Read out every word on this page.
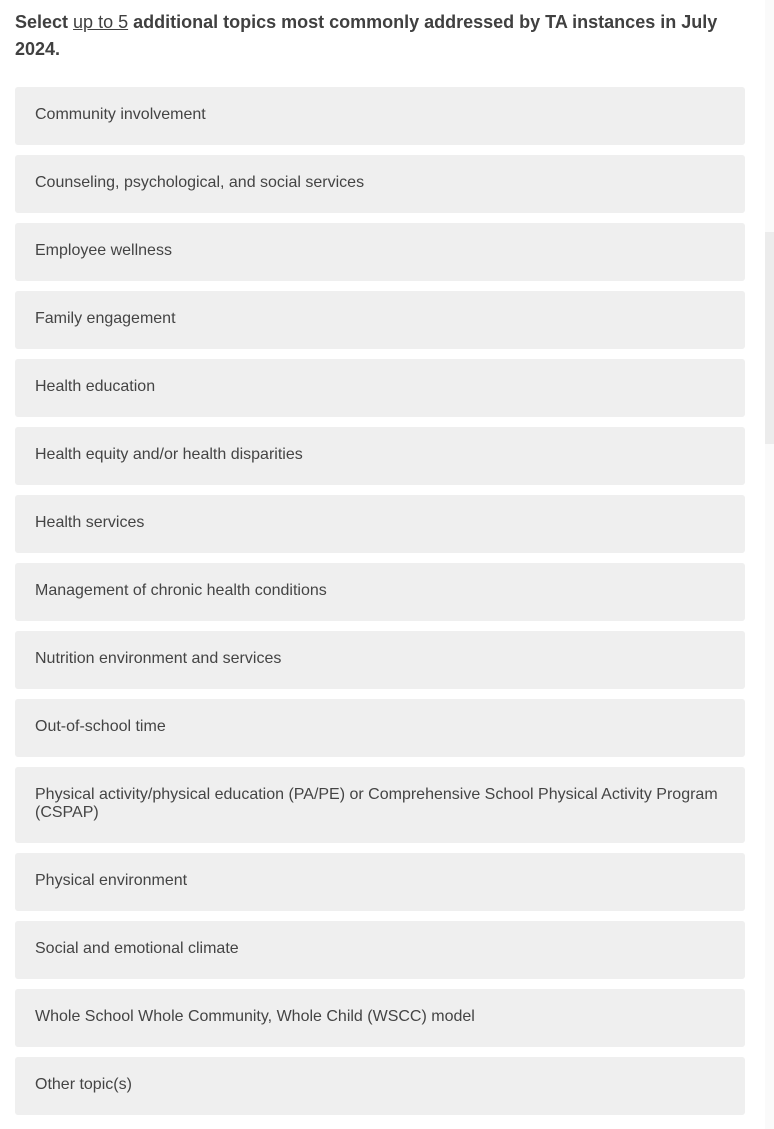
Select up to 5 additional topics most commonly addressed by TA instances in July 2024.

Community involvement
Counseling, psychological, and social services
Employee wellness
Family engagement
Health education
Health equity and/or health disparities
Health services
Management of chronic health conditions
Nutrition environment and services
Out-of-school time
Physical activity/physical education (PA/PE) or Comprehensive School Physical Activity Program (CSPAP)
Physical environment
Social and emotional climate
Whole School Whole Community, Whole Child (WSCC) model
Other topic(s)
